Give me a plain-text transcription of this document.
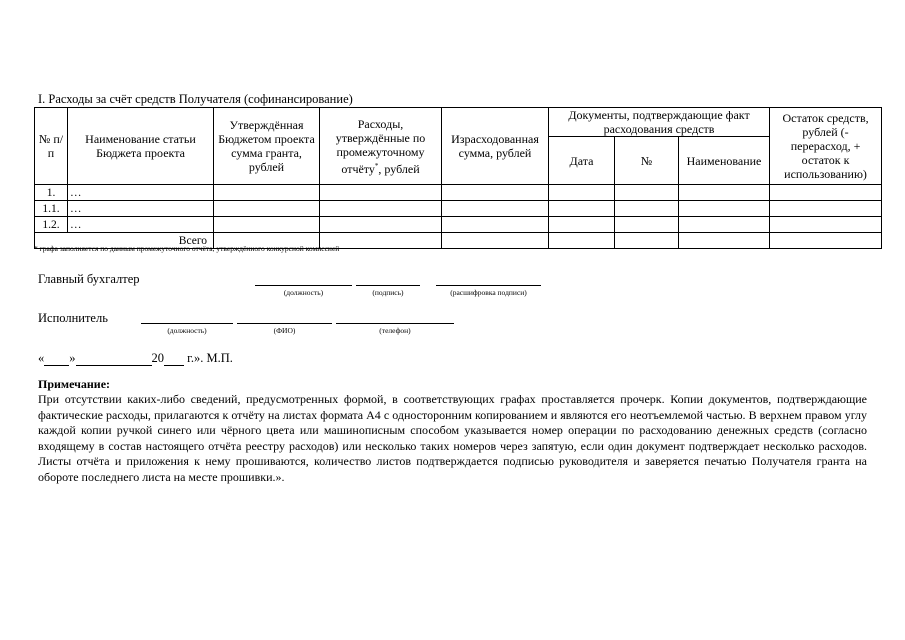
I. Расходы за счёт средств Получателя (софинансирование)
№ п/п	Наименование статьи Бюджета проекта	Утверждённая Бюджетом проекта сумма гранта, рублей	Расходы, утверждённые по промежуточному отчёту*, рублей	Израсходованная сумма, рублей	Документы, подтверждающие факт расходования средств			Остаток средств, рублей (- перерасход, + остаток к использованию)
					Дата	№	Наименование	
1.	…							
1.1.	…							
1.2.	…							
Всего								
* графа заполняется по данным промежуточного отчёта, утверждённого конкурсной комиссией
Главный бухгалтер
(должность)	(подпись)	(расшифровка подписи)
Исполнитель
(должность)	(ФИО)	(телефон)
« »	20 г.». М.П.
Примечание:
При отсутствии каких-либо сведений, предусмотренных формой, в соответствующих графах проставляется прочерк. Копии документов, подтверждающие фактические расходы, прилагаются к отчёту на листах формата А4 с односторонним копированием и являются его неотъемлемой частью. В верхнем правом углу каждой копии ручкой синего или чёрного цвета или машинописным способом указывается номер операции по расходованию денежных средств (согласно входящему в состав настоящего отчёта реестру расходов) или несколько таких номеров через запятую, если один документ подтверждает несколько расходов. Листы отчёта и приложения к нему прошиваются, количество листов подтверждается подписью руководителя и заверяется печатью Получателя гранта на обороте последнего листа на месте прошивки.».
